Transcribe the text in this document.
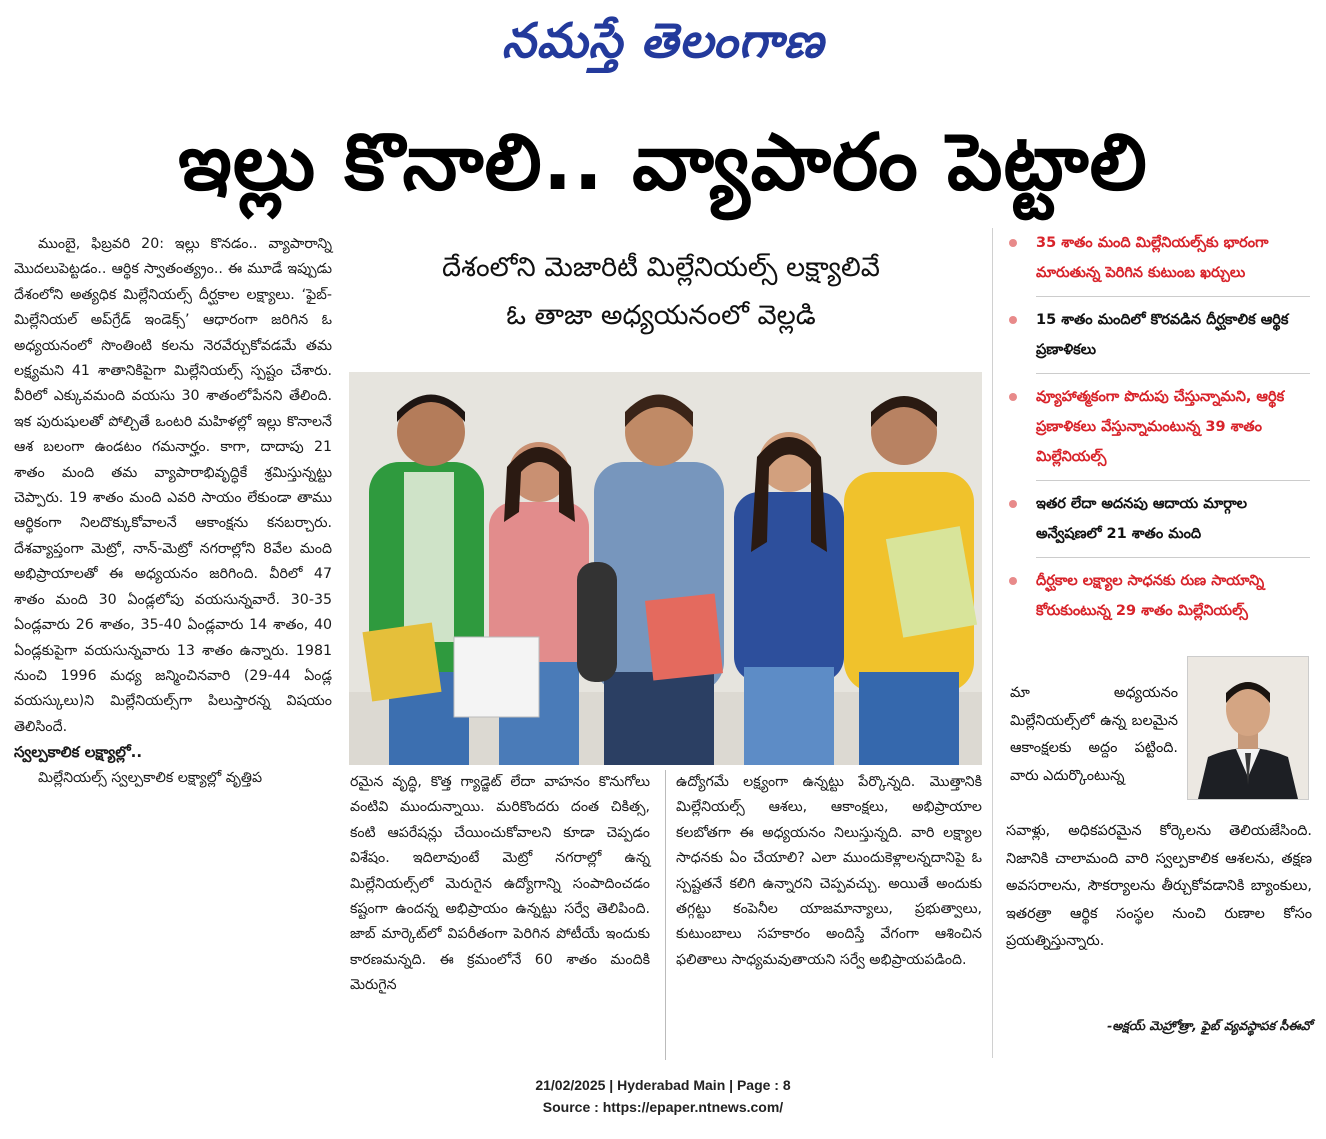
నమస్తే తెలంగాణ
ఇల్లు కొనాలి.. వ్యాపారం పెట్టాలి

ముంబై, ఫిబ్రవరి 20: ఇల్లు కొనడం.. వ్యాపారాన్ని మొదలుపెట్టడం.. ఆర్థిక స్వాతంత్య్రం.. ఈ మూడే ఇప్పుడు దేశంలోని అత్యధిక మిల్లేనియల్స్‌ దీర్ఘకాల లక్ష్యాలు. ‘ఫైబ్‌-మిల్లేనియల్‌ అప్‌గ్రేడ్‌ ఇండెక్స్‌’ ఆధారంగా జరిగిన ఓ అధ్యయనంలో సొంతింటి కలను నెరవేర్చుకోవడమే తమ లక్ష్యమని 41 శాతానికిపైగా మిల్లేనియల్స్‌ స్పష్టం చేశారు. వీరిలో ఎక్కువమంది వయసు 30 శాతంలోపేనని తేలింది. ఇక పురుషులతో పోల్చితే ఒంటరి మహిళల్లో ఇల్లు కొనాలనే ఆశ బలంగా ఉండటం గమనార్హం. కాగా, దాదాపు 21 శాతం మంది తమ వ్యాపారాభివృద్ధికే శ్రమిస్తున్నట్టు చెప్పారు. 19 శాతం మంది ఎవరి సాయం లేకుండా తాము ఆర్థికంగా నిలదొక్కుకోవాలనే ఆకాంక్షను కనబర్చారు. దేశవ్యాప్తంగా మెట్రో, నాన్‌-మెట్రో నగరాల్లోని 8వేల మంది అభిప్రాయాలతో ఈ అధ్యయనం జరిగింది. వీరిలో 47 శాతం మంది 30 ఏండ్లలోపు వయసున్నవారే. 30-35 ఏండ్లవారు 26 శాతం, 35-40 ఏండ్లవారు 14 శాతం, 40 ఏండ్లకుపైగా వయసున్నవారు 13 శాతం ఉన్నారు. 1981 నుంచి 1996 మధ్య జన్మించినవారి (29-44 ఏండ్ల వయస్కులు)ని మిల్లేనియల్స్‌గా పిలుస్తారన్న విషయం తెలిసిందే.

స్వల్పకాలిక లక్ష్యాల్లో..

మిల్లేనియల్స్‌ స్వల్పకాలిక లక్ష్యాల్లో వృత్తిప

దేశంలోని మెజారిటీ మిల్లేనియల్స్‌ లక్ష్యాలివే
ఓ తాజా అధ్యయనంలో వెల్లడి

రమైన వృద్ధి, కొత్త గ్యాడ్జెట్‌ లేదా వాహనం కొనుగోలు వంటివి ముందున్నాయి. మరికొందరు దంత చికిత్స, కంటి ఆపరేషన్లు చేయించుకోవాలని కూడా చెప్పడం విశేషం. ఇదిలావుంటే మెట్రో నగరాల్లో ఉన్న మిల్లేనియల్స్‌లో మెరుగైన ఉద్యోగాన్ని సంపాదించడం కష్టంగా ఉందన్న అభిప్రాయం ఉన్నట్టు సర్వే తెలిపింది. జాబ్‌ మార్కెట్‌లో విపరీతంగా పెరిగిన పోటీయే ఇందుకు కారణమన్నది. ఈ క్రమంలోనే 60 శాతం మందికి మెరుగైన

ఉద్యోగమే లక్ష్యంగా ఉన్నట్టు పేర్కొన్నది. మొత్తానికి మిల్లేనియల్స్‌ ఆశలు, ఆకాంక్షలు, అభిప్రాయాల కలబోతగా ఈ అధ్యయనం నిలుస్తున్నది. వారి లక్ష్యాల సాధనకు ఏం చేయాలి? ఎలా ముందుకెళ్లాలన్నదానిపై ఓ స్పష్టతనే కలిగి ఉన్నారని చెప్పవచ్చు. అయితే అందుకు తగ్గట్టు కంపెనీల యాజమాన్యాలు, ప్రభుత్వాలు, కుటుంబాలు సహకారం అందిస్తే వేగంగా ఆశించిన ఫలితాలు సాధ్యమవుతాయని సర్వే అభిప్రాయపడింది.

35 శాతం మంది మిల్లేనియల్స్‌కు భారంగా మారుతున్న పెరిగిన కుటుంబ ఖర్చులు
15 శాతం మందిలో కొరవడిన దీర్ఘకాలిక ఆర్థిక ప్రణాళికలు
వ్యూహాత్మకంగా పొదుపు చేస్తున్నామని, ఆర్థిక ప్రణాళికలు వేస్తున్నామంటున్న 39 శాతం మిల్లేనియల్స్‌
ఇతర లేదా అదనపు ఆదాయ మార్గాల అన్వేషణలో 21 శాతం మంది
దీర్ఘకాల లక్ష్యాల సాధనకు రుణ సాయాన్ని కోరుకుంటున్న 29 శాతం మిల్లేనియల్స్‌
మా అధ్యయనం మిల్లేనియల్స్‌లో ఉన్న బలమైన ఆకాంక్షలకు అద్దం పట్టింది. వారు ఎదుర్కొంటున్న
సవాళ్లు, అధికపరమైన కోర్కెలను తెలియజేసింది. నిజానికి చాలామంది వారి స్వల్పకాలిక ఆశలను, తక్షణ అవసరాలను, సౌకర్యాలను తీర్చుకోవడానికి బ్యాంకులు, ఇతరత్రా ఆర్థిక సంస్థల నుంచి రుణాల కోసం ప్రయత్నిస్తున్నారు.
-అక్షయ్‌ మెహ్రోత్రా, ఫైబ్‌ వ్యవస్థాపక సీఈవో
21/02/2025 | Hyderabad Main | Page : 8
Source : https://epaper.ntnews.com/
